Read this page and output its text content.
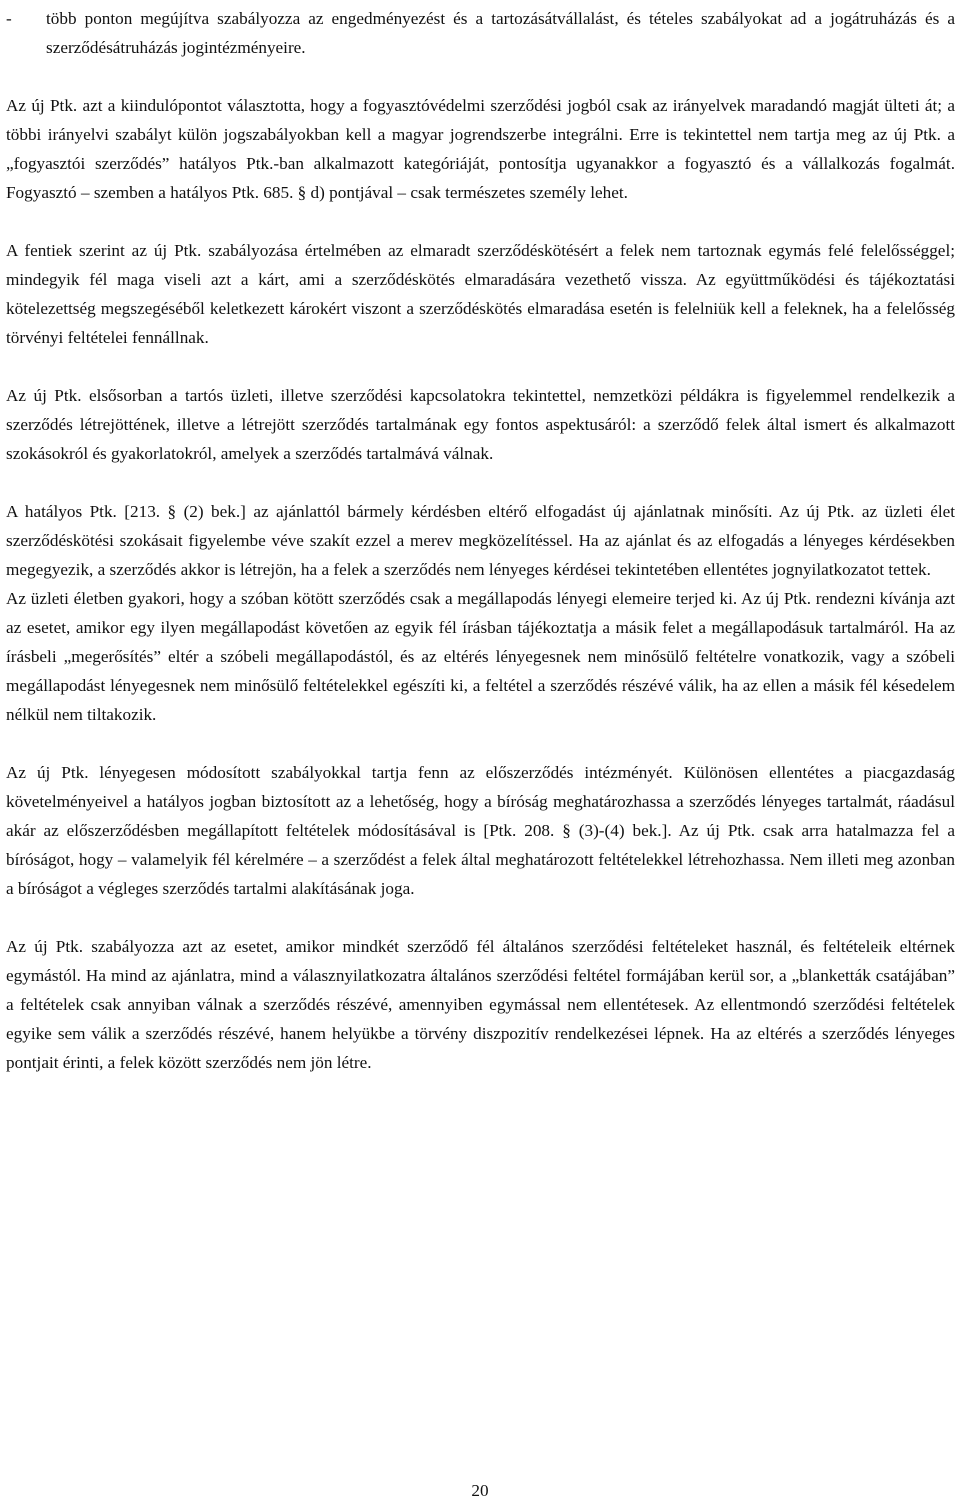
-	több ponton megújítva szabályozza az engedményezést és a tartozásátvállalást, és tételes szabályokat ad a jogátruházás és a szerződésátruházás jogintézményeire.

Az új Ptk. azt a kiindulópontot választotta, hogy a fogyasztóvédelmi szerződési jogból csak az irányelvek maradandó magját ülteti át; a többi irányelvi szabályt külön jogszabályokban kell a magyar jogrendszerbe integrálni. Erre is tekintettel nem tartja meg az új Ptk. a „fogyasztói szerződés” hatályos Ptk.-ban alkalmazott kategóriáját, pontosítja ugyanakkor a fogyasztó és a vállalkozás fogalmát. Fogyasztó – szemben a hatályos Ptk. 685. § d) pontjával – csak természetes személy lehet.

A fentiek szerint az új Ptk. szabályozása értelmében az elmaradt szerződéskötésért a felek nem tartoznak egymás felé felelősséggel; mindegyik fél maga viseli azt a kárt, ami a szerződéskötés elmaradására vezethető vissza. Az együttműködési és tájékoztatási kötelezettség megszegéséből keletkezett károkért viszont a szerződéskötés elmaradása esetén is felelniük kell a feleknek, ha a felelősség törvényi feltételei fennállnak.

Az új Ptk. elsősorban a tartós üzleti, illetve szerződési kapcsolatokra tekintettel, nemzetközi példákra is figyelemmel rendelkezik a szerződés létrejöttének, illetve a létrejött szerződés tartalmának egy fontos aspektusáról: a szerződő felek által ismert és alkalmazott szokásokról és gyakorlatokról, amelyek a szerződés tartalmává válnak.

A hatályos Ptk. [213. § (2) bek.] az ajánlattól bármely kérdésben eltérő elfogadást új ajánlatnak minősíti. Az új Ptk. az üzleti élet szerződéskötési szokásait figyelembe véve szakít ezzel a merev megközelítéssel. Ha az ajánlat és az elfogadás a lényeges kérdésekben megegyezik, a szerződés akkor is létrejön, ha a felek a szerződés nem lényeges kérdései tekintetében ellentétes jognyilatkozatot tettek.

Az üzleti életben gyakori, hogy a szóban kötött szerződés csak a megállapodás lényegi elemeire terjed ki. Az új Ptk. rendezni kívánja azt az esetet, amikor egy ilyen megállapodást követően az egyik fél írásban tájékoztatja a másik felet a megállapodásuk tartalmáról. Ha az írásbeli „megerősítés” eltér a szóbeli megállapodástól, és az eltérés lényegesnek nem minősülő feltételre vonatkozik, vagy a szóbeli megállapodást lényegesnek nem minősülő feltételekkel egészíti ki, a feltétel a szerződés részévé válik, ha az ellen a másik fél késedelem nélkül nem tiltakozik.

Az új Ptk. lényegesen módosított szabályokkal tartja fenn az előszerződés intézményét. Különösen ellentétes a piacgazdaság követelményeivel a hatályos jogban biztosított az a lehetőség, hogy a bíróság meghatározhassa a szerződés lényeges tartalmát, ráadásul akár az előszerződésben megállapított feltételek módosításával is [Ptk. 208. § (3)-(4) bek.]. Az új Ptk. csak arra hatalmazza fel a bíróságot, hogy – valamelyik fél kérelmére – a szerződést a felek által meghatározott feltételekkel létrehozhassa. Nem illeti meg azonban a bíróságot a végleges szerződés tartalmi alakításának joga.

Az új Ptk. szabályozza azt az esetet, amikor mindkét szerződő fél általános szerződési feltételeket használ, és feltételeik eltérnek egymástól. Ha mind az ajánlatra, mind a válasznyilatkozatra általános szerződési feltétel formájában kerül sor, a „blanketták csatájában” a feltételek csak annyiban válnak a szerződés részévé, amennyiben egymással nem ellentétesek. Az ellentmondó szerződési feltételek egyike sem válik a szerződés részévé, hanem helyükbe a törvény diszpozitív rendelkezései lépnek. Ha az eltérés a szerződés lényeges pontjait érinti, a felek között szerződés nem jön létre.

20
